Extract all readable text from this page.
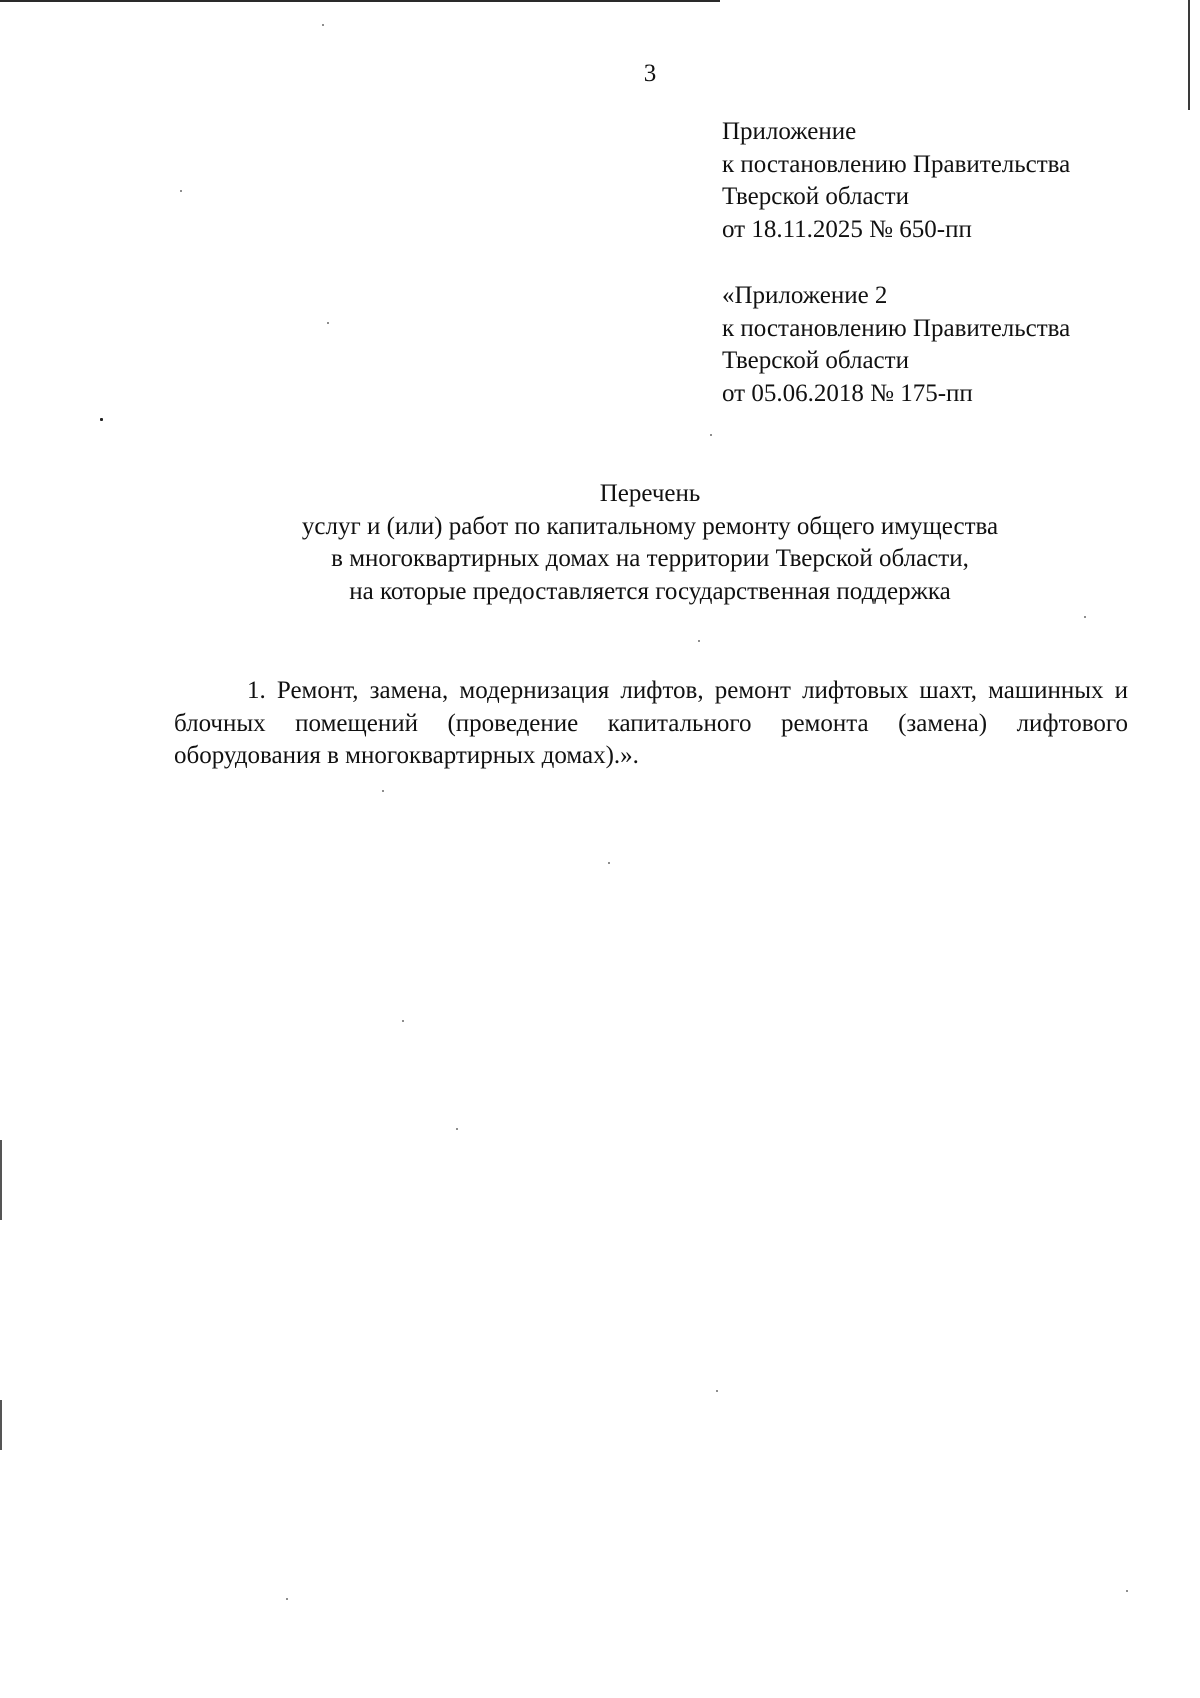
3
Приложение
к постановлению Правительства
Тверской области
от 18.11.2025 № 650-пп
«Приложение 2
к постановлению Правительства
Тверской области
от 05.06.2018 № 175-пп
Перечень
услуг и (или) работ по капитальному ремонту общего имущества
в многоквартирных домах на территории Тверской области,
на которые предоставляется государственная поддержка

1. Ремонт, замена, модернизация лифтов, ремонт лифтовых шахт, машинных и блочных помещений (проведение капитального ремонта (замена) лифтового оборудования в многоквартирных домах).».
